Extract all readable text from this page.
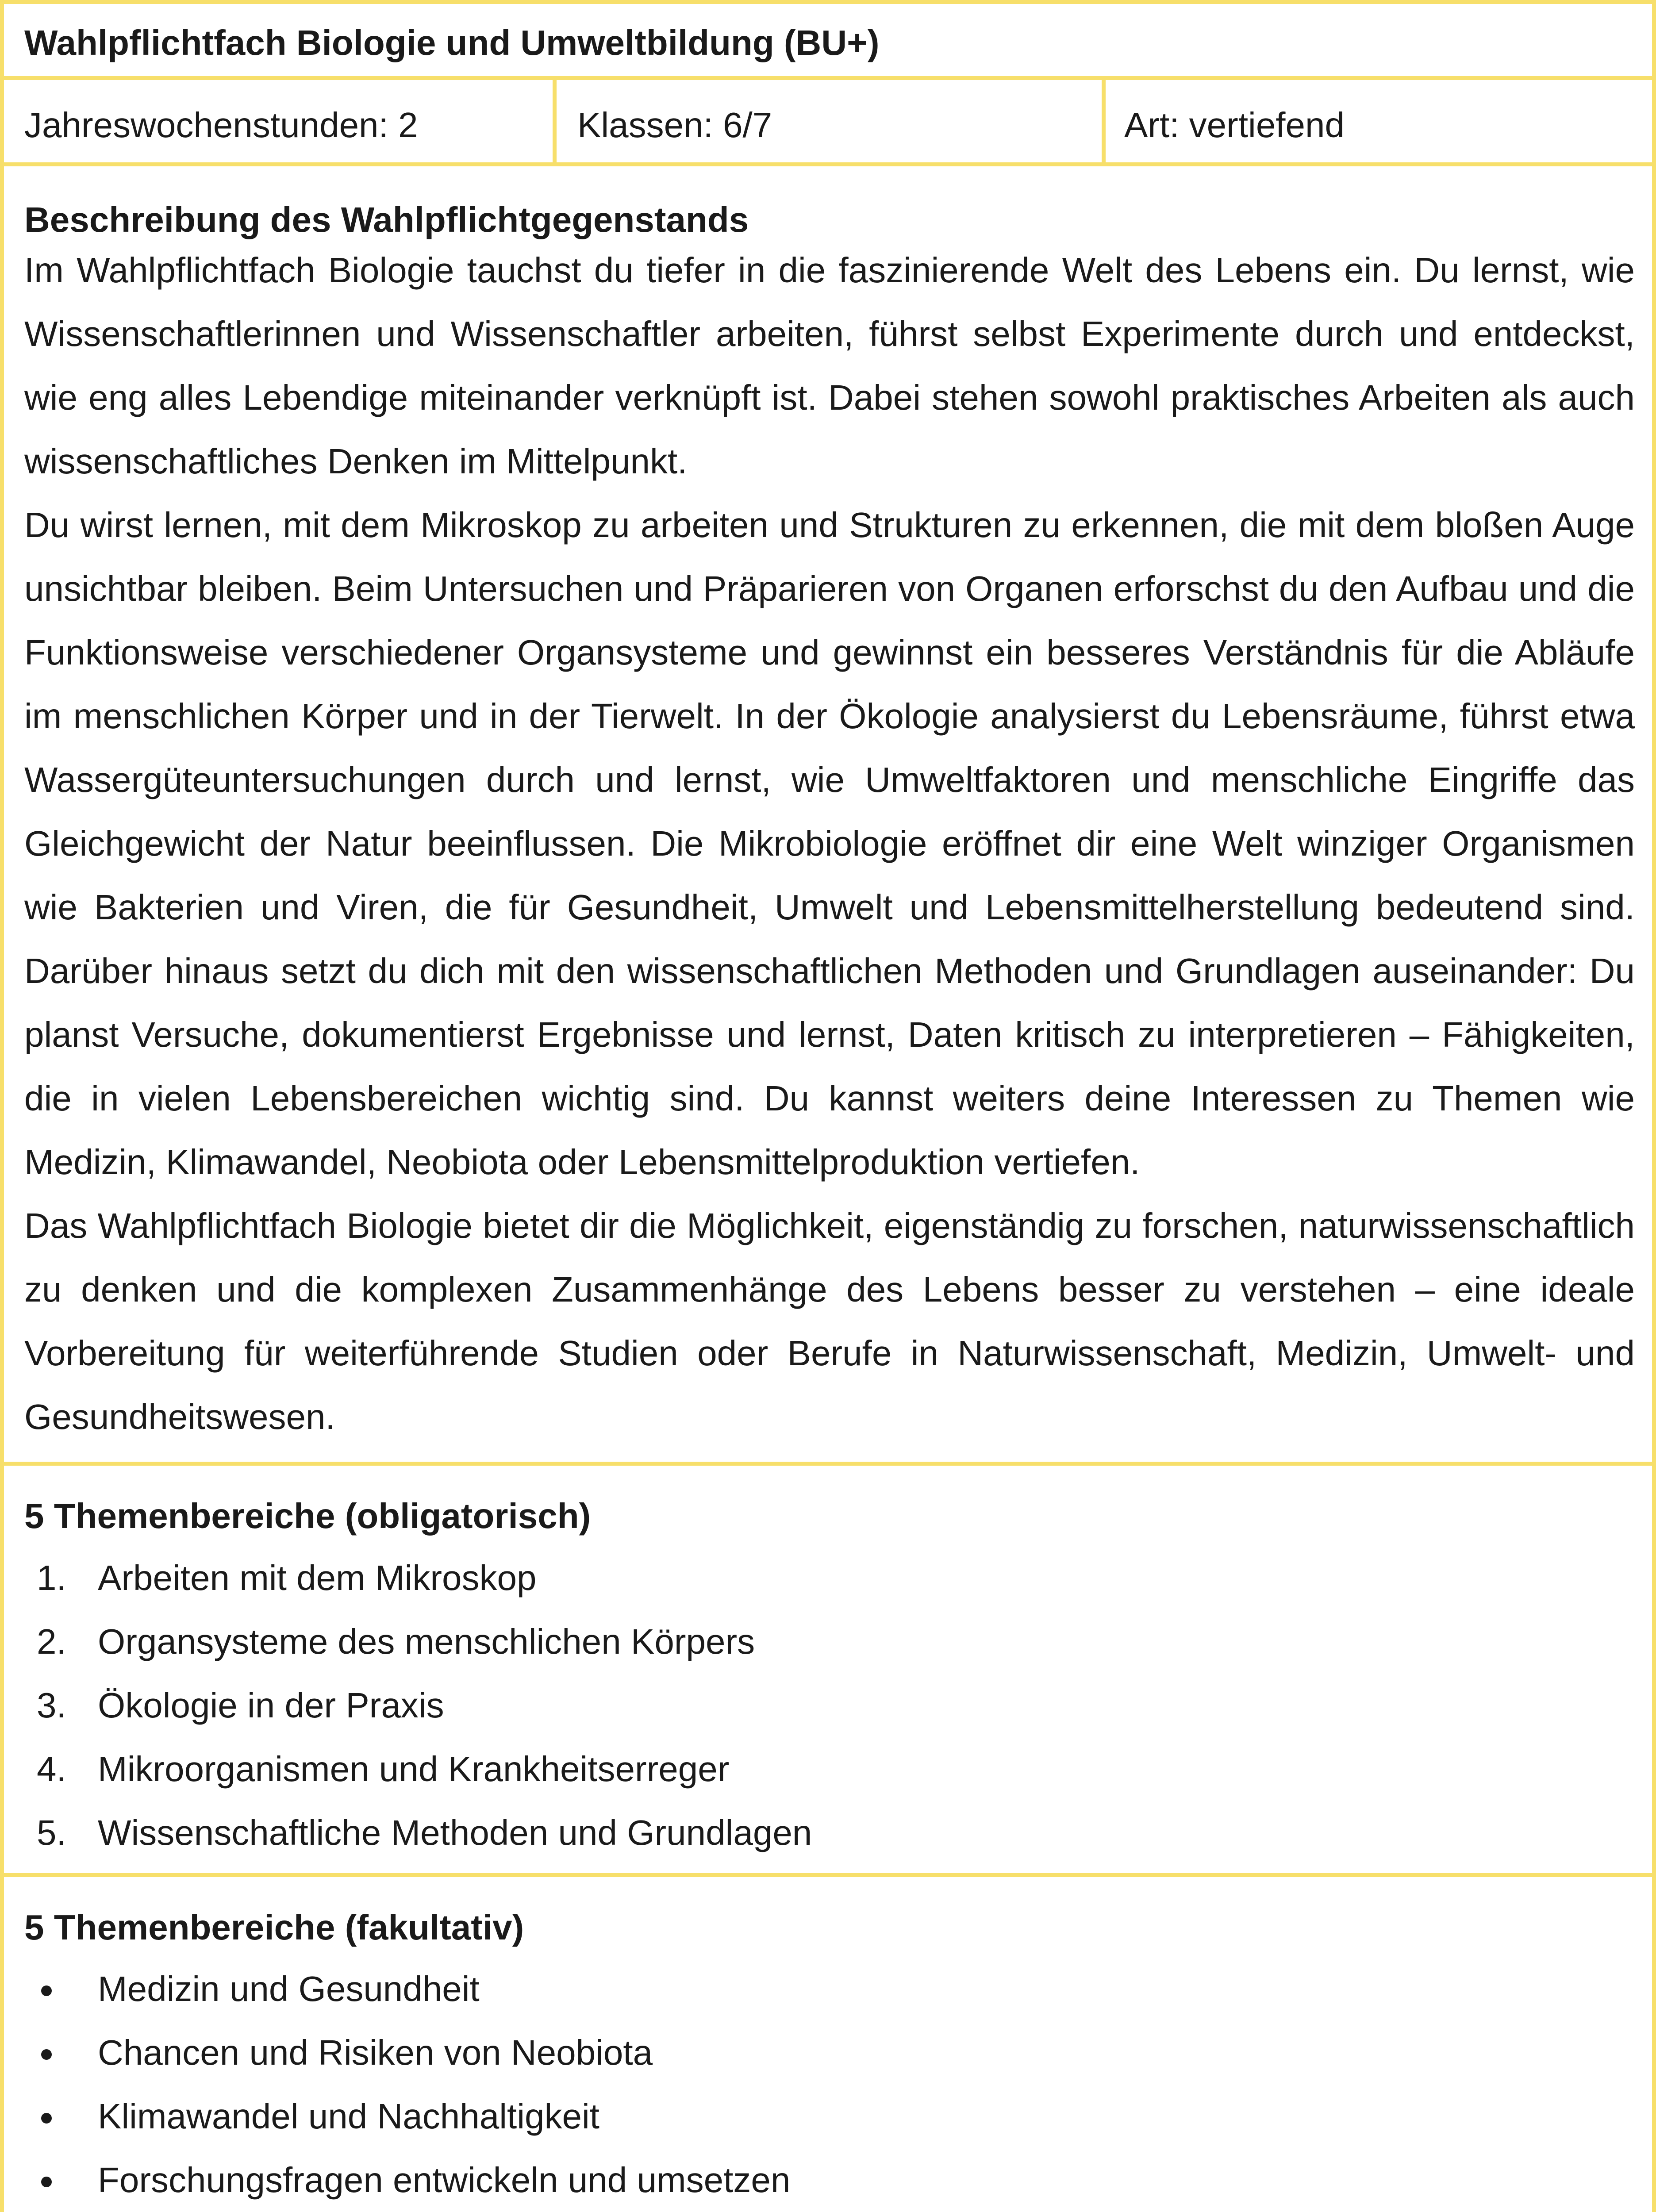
Wahlpflichtfach Biologie und Umweltbildung (BU+)
Jahreswochenstunden: 2	Klassen: 6/7	Art: vertiefend
Beschreibung des Wahlpflichtgegenstands

Im Wahlpflichtfach Biologie tauchst du tiefer in die faszinierende Welt des Lebens ein. Du lernst, wie Wissenschaftlerinnen und Wissenschaftler arbeiten, führst selbst Experimente durch und entdeckst, wie eng alles Lebendige miteinander verknüpft ist. Dabei stehen sowohl praktisches Arbeiten als auch wissenschaftliches Denken im Mittelpunkt.

Du wirst lernen, mit dem Mikroskop zu arbeiten und Strukturen zu erkennen, die mit dem bloßen Auge unsichtbar bleiben. Beim Untersuchen und Präparieren von Organen erforschst du den Aufbau und die Funktionsweise verschiedener Organsysteme und gewinnst ein besseres Verständnis für die Abläufe im menschlichen Körper und in der Tierwelt. In der Ökologie analysierst du Lebensräume, führst etwa Wassergüteuntersuchungen durch und lernst, wie Umweltfaktoren und menschliche Eingriffe das Gleichgewicht der Natur beeinflussen. Die Mikrobiologie eröffnet dir eine Welt winziger Organismen wie Bakterien und Viren, die für Gesundheit, Umwelt und Lebensmittelherstellung bedeutend sind. Darüber hinaus setzt du dich mit den wissenschaftlichen Methoden und Grundlagen auseinander: Du planst Versuche, dokumentierst Ergebnisse und lernst, Daten kritisch zu interpretieren – Fähigkeiten, die in vielen Lebensbereichen wichtig sind. Du kannst weiters deine Interessen zu Themen wie Medizin, Klimawandel, Neobiota oder Lebensmittelproduktion vertiefen.

Das Wahlpflichtfach Biologie bietet dir die Möglichkeit, eigenständig zu forschen, naturwissenschaftlich zu denken und die komplexen Zusammenhänge des Lebens besser zu verstehen – eine ideale Vorbereitung für weiterführende Studien oder Berufe in Naturwissenschaft, Medizin, Umwelt- und Gesundheitswesen.

5 Themenbereiche (obligatorisch)
1. Arbeiten mit dem Mikroskop
2. Organsysteme des menschlichen Körpers
3. Ökologie in der Praxis
4. Mikroorganismen und Krankheitserreger
5. Wissenschaftliche Methoden und Grundlagen
5 Themenbereiche (fakultativ)
Medizin und Gesundheit
Chancen und Risiken von Neobiota
Klimawandel und Nachhaltigkeit
Forschungsfragen entwickeln und umsetzen
